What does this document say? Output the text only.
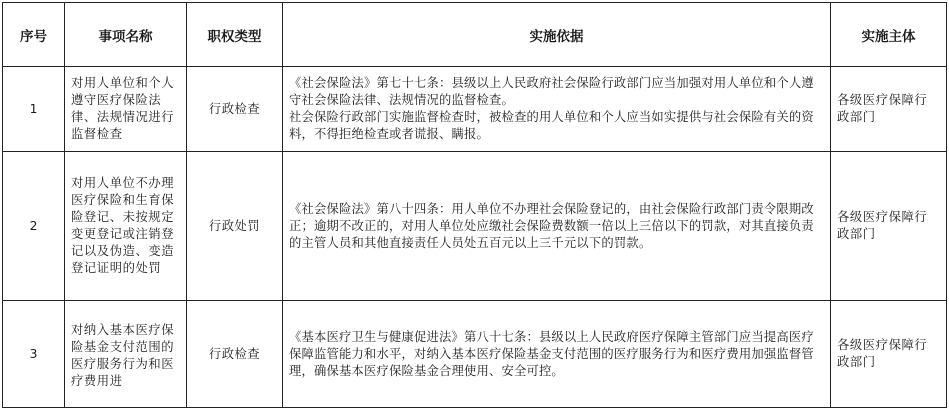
序号	事项名称	职权类型	实施依据	实施主体
1	对用人单位和个人遵守医疗保险法律、法规情况进行监督检查	行政检查	《社会保险法》第七十七条：县级以上人民政府社会保险行政部门应当加强对用人单位和个人遵守社会保险法律、法规情况的监督检查。
社会保险行政部门实施监督检查时，被检查的用人单位和个人应当如实提供与社会保险有关的资料，不得拒绝检查或者谎报、瞒报。	各级医疗保障行政部门
2	对用人单位不办理医疗保险和生育保险登记、未按规定变更登记或注销登记以及伪造、变造登记证明的处罚	行政处罚	《社会保险法》第八十四条：用人单位不办理社会保险登记的，由社会保险行政部门责令限期改正；逾期不改正的，对用人单位处应缴社会保险费数额一倍以上三倍以下的罚款，对其直接负责的主管人员和其他直接责任人员处五百元以上三千元以下的罚款。	各级医疗保障行政部门
3	对纳入基本医疗保险基金支付范围的医疗服务行为和医疗费用进	行政检查	《基本医疗卫生与健康促进法》第八十七条：县级以上人民政府医疗保障主管部门应当提高医疗保障监管能力和水平，对纳入基本医疗保险基金支付范围的医疗服务行为和医疗费用加强监督管理，确保基本医疗保险基金合理使用、安全可控。	各级医疗保障行政部门
